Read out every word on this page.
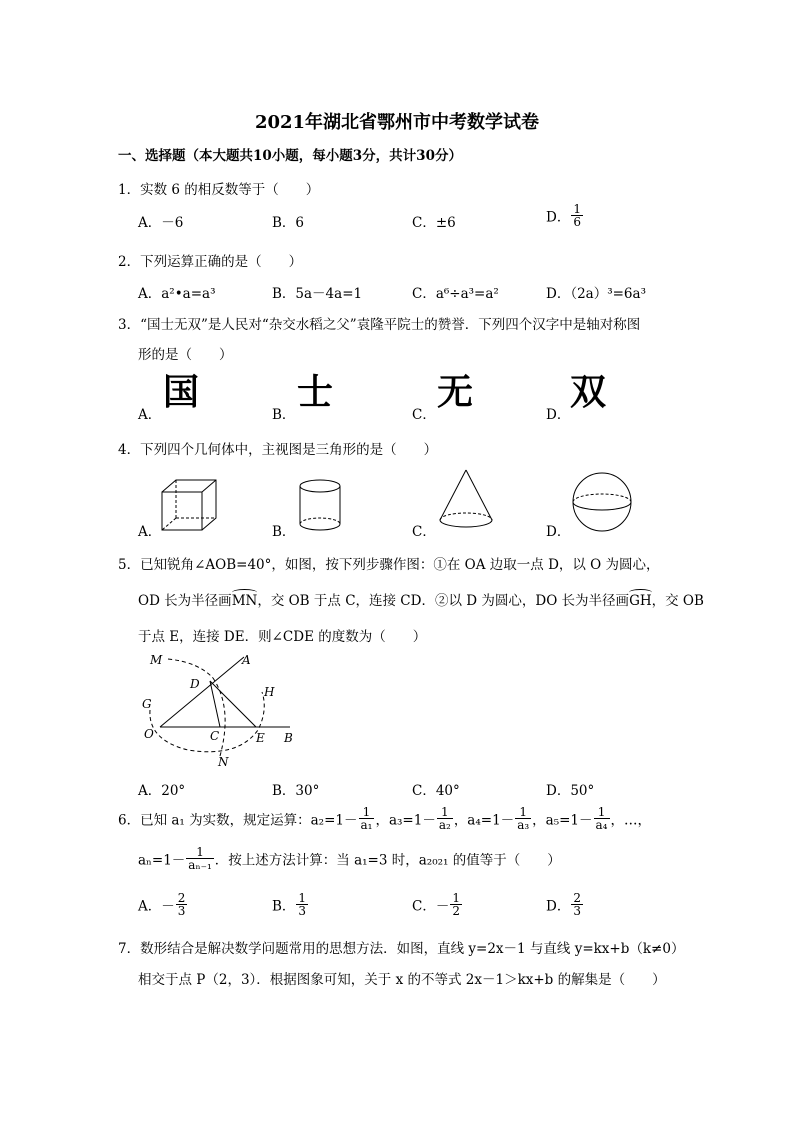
2021年湖北省鄂州市中考数学试卷
一、选择题（本大题共10小题，每小题3分，共计30分）
1．实数 6 的相反数等于（　　）
A．－6	B．6	C．±6	D． $\frac{1}{6}$
2．下列运算正确的是（　　）
A．a²•a=a³	B．5a－4a=1	C．a⁶÷a³=a²	D．（2a）³=6a³
3．“国士无双”是人民对“杂交水稻之父”袁隆平院士的赞誉．下列四个汉字中是轴对称图
形的是（　　）
A．
国
B．
士
C．
无
D．
双
4．下列四个几何体中，主视图是三角形的是（　　）
A．	B．	C．	D．
5．已知锐角∠AOB=40°，如图，按下列步骤作图：①在 OA 边取一点 D，以 O 为圆心，
OD 长为半径画MN，交 OB 于点 C，连接 CD．②以 D 为圆心，DO 长为半径画GH，交 OB
于点 E，连接 DE．则∠CDE 的度数为（　　）
M	A
D
H
G
O	C	E B
N
A．20°	B．30°	C．40°	D．50°
6．已知 a₁ 为实数，规定运算：$a_2=1- \frac{1}{\text{a₁}}$ ，$a_3=1- \frac{1}{\text{a₂}}$ ，$a_4=1- \frac{1}{\text{a₃}}$ ，$a_5=1- \frac{1}{\text{a₄}}$ ，…，
$a_n=1- \frac{1}{\text{aₙ₋₁}}$ ．按上述方法计算：当 a₁=3 时，a₂₀₂₁ 的值等于（　　）
A．－ $\frac{2}{3}$	B． $\frac{1}{3}$	C．－ $\frac{1}{2}$	D． $\frac{2}{3}$
7．数形结合是解决数学问题常用的思想方法．如图，直线 y=2x－1 与直线 y=kx+b（k≠0）
相交于点 P（2，3）．根据图象可知，关于 x 的不等式 2x－1＞kx+b 的解集是（　　）
